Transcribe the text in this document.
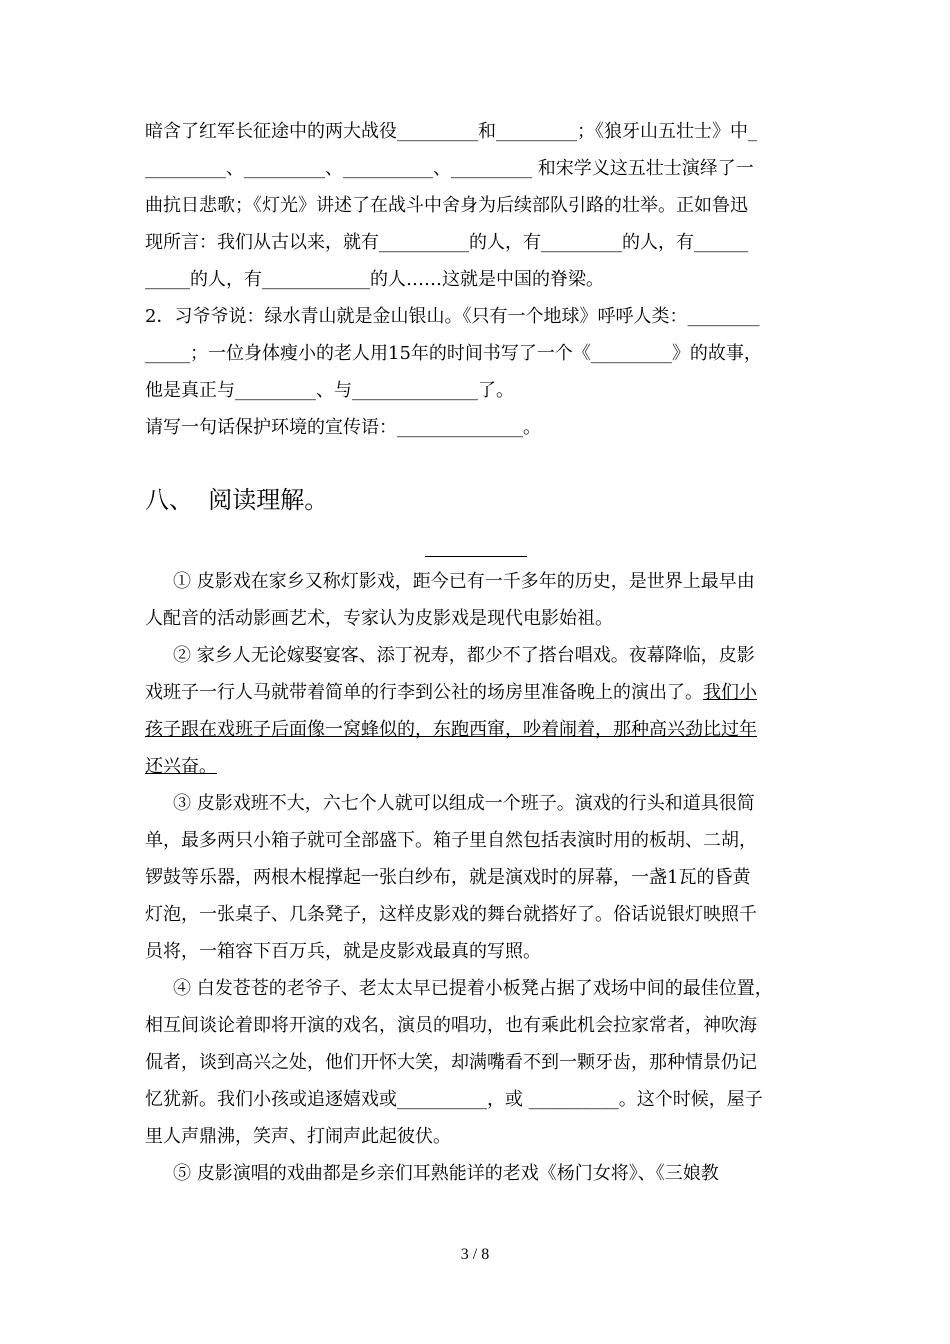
暗含了红军长征途中的两大战役_________和_________；《狼牙山五壮士》中_
_________、_________、__________、_________ 和宋学义这五壮士演绎了一
曲抗日悲歌；《灯光》讲述了在战斗中舍身为后续部队引路的壮举。正如鲁迅
现所言：我们从古以来，就有__________的人，有_________的人，有______
_____的人，有____________的人……这就是中国的脊梁。
2．习爷爷说：绿水青山就是金山银山。《只有一个地球》呼呼人类：________
_____；一位身体瘦小的老人用15年的时间书写了一个《_________》的故事，
他是真正与_________、与______________了。
请写一句话保护环境的宣传语：______________。
八、  阅读理解。
① 皮影戏在家乡又称灯影戏，距今已有一千多年的历史，是世界上最早由
人配音的活动影画艺术，专家认为皮影戏是现代电影始祖。
② 家乡人无论嫁娶宴客、添丁祝寿，都少不了搭台唱戏。夜幕降临，皮影
戏班子一行人马就带着简单的行李到公社的场房里准备晚上的演出了。我们小
孩子跟在戏班子后面像一窝蜂似的，东跑西窜，吵着闹着，那种高兴劲比过年
还兴奋。
③ 皮影戏班不大，六七个人就可以组成一个班子。演戏的行头和道具很简
单，最多两只小箱子就可全部盛下。箱子里自然包括表演时用的板胡、二胡，
锣鼓等乐器，两根木棍撑起一张白纱布，就是演戏时的屏幕，一盏1瓦的昏黄
灯泡，一张桌子、几条凳子，这样皮影戏的舞台就搭好了。俗话说银灯映照千
员将，一箱容下百万兵，就是皮影戏最真的写照。
④ 白发苍苍的老爷子、老太太早已提着小板凳占据了戏场中间的最佳位置，
相互间谈论着即将开演的戏名，演员的唱功，也有乘此机会拉家常者，神吹海
侃者，谈到高兴之处，他们开怀大笑，却满嘴看不到一颗牙齿，那种情景仍记
忆犹新。我们小孩或追逐嬉戏或__________，或 __________。这个时候，屋子
里人声鼎沸，笑声、打闹声此起彼伏。
⑤ 皮影演唱的戏曲都是乡亲们耳熟能详的老戏《杨门女将》、《三娘教
3 / 8
